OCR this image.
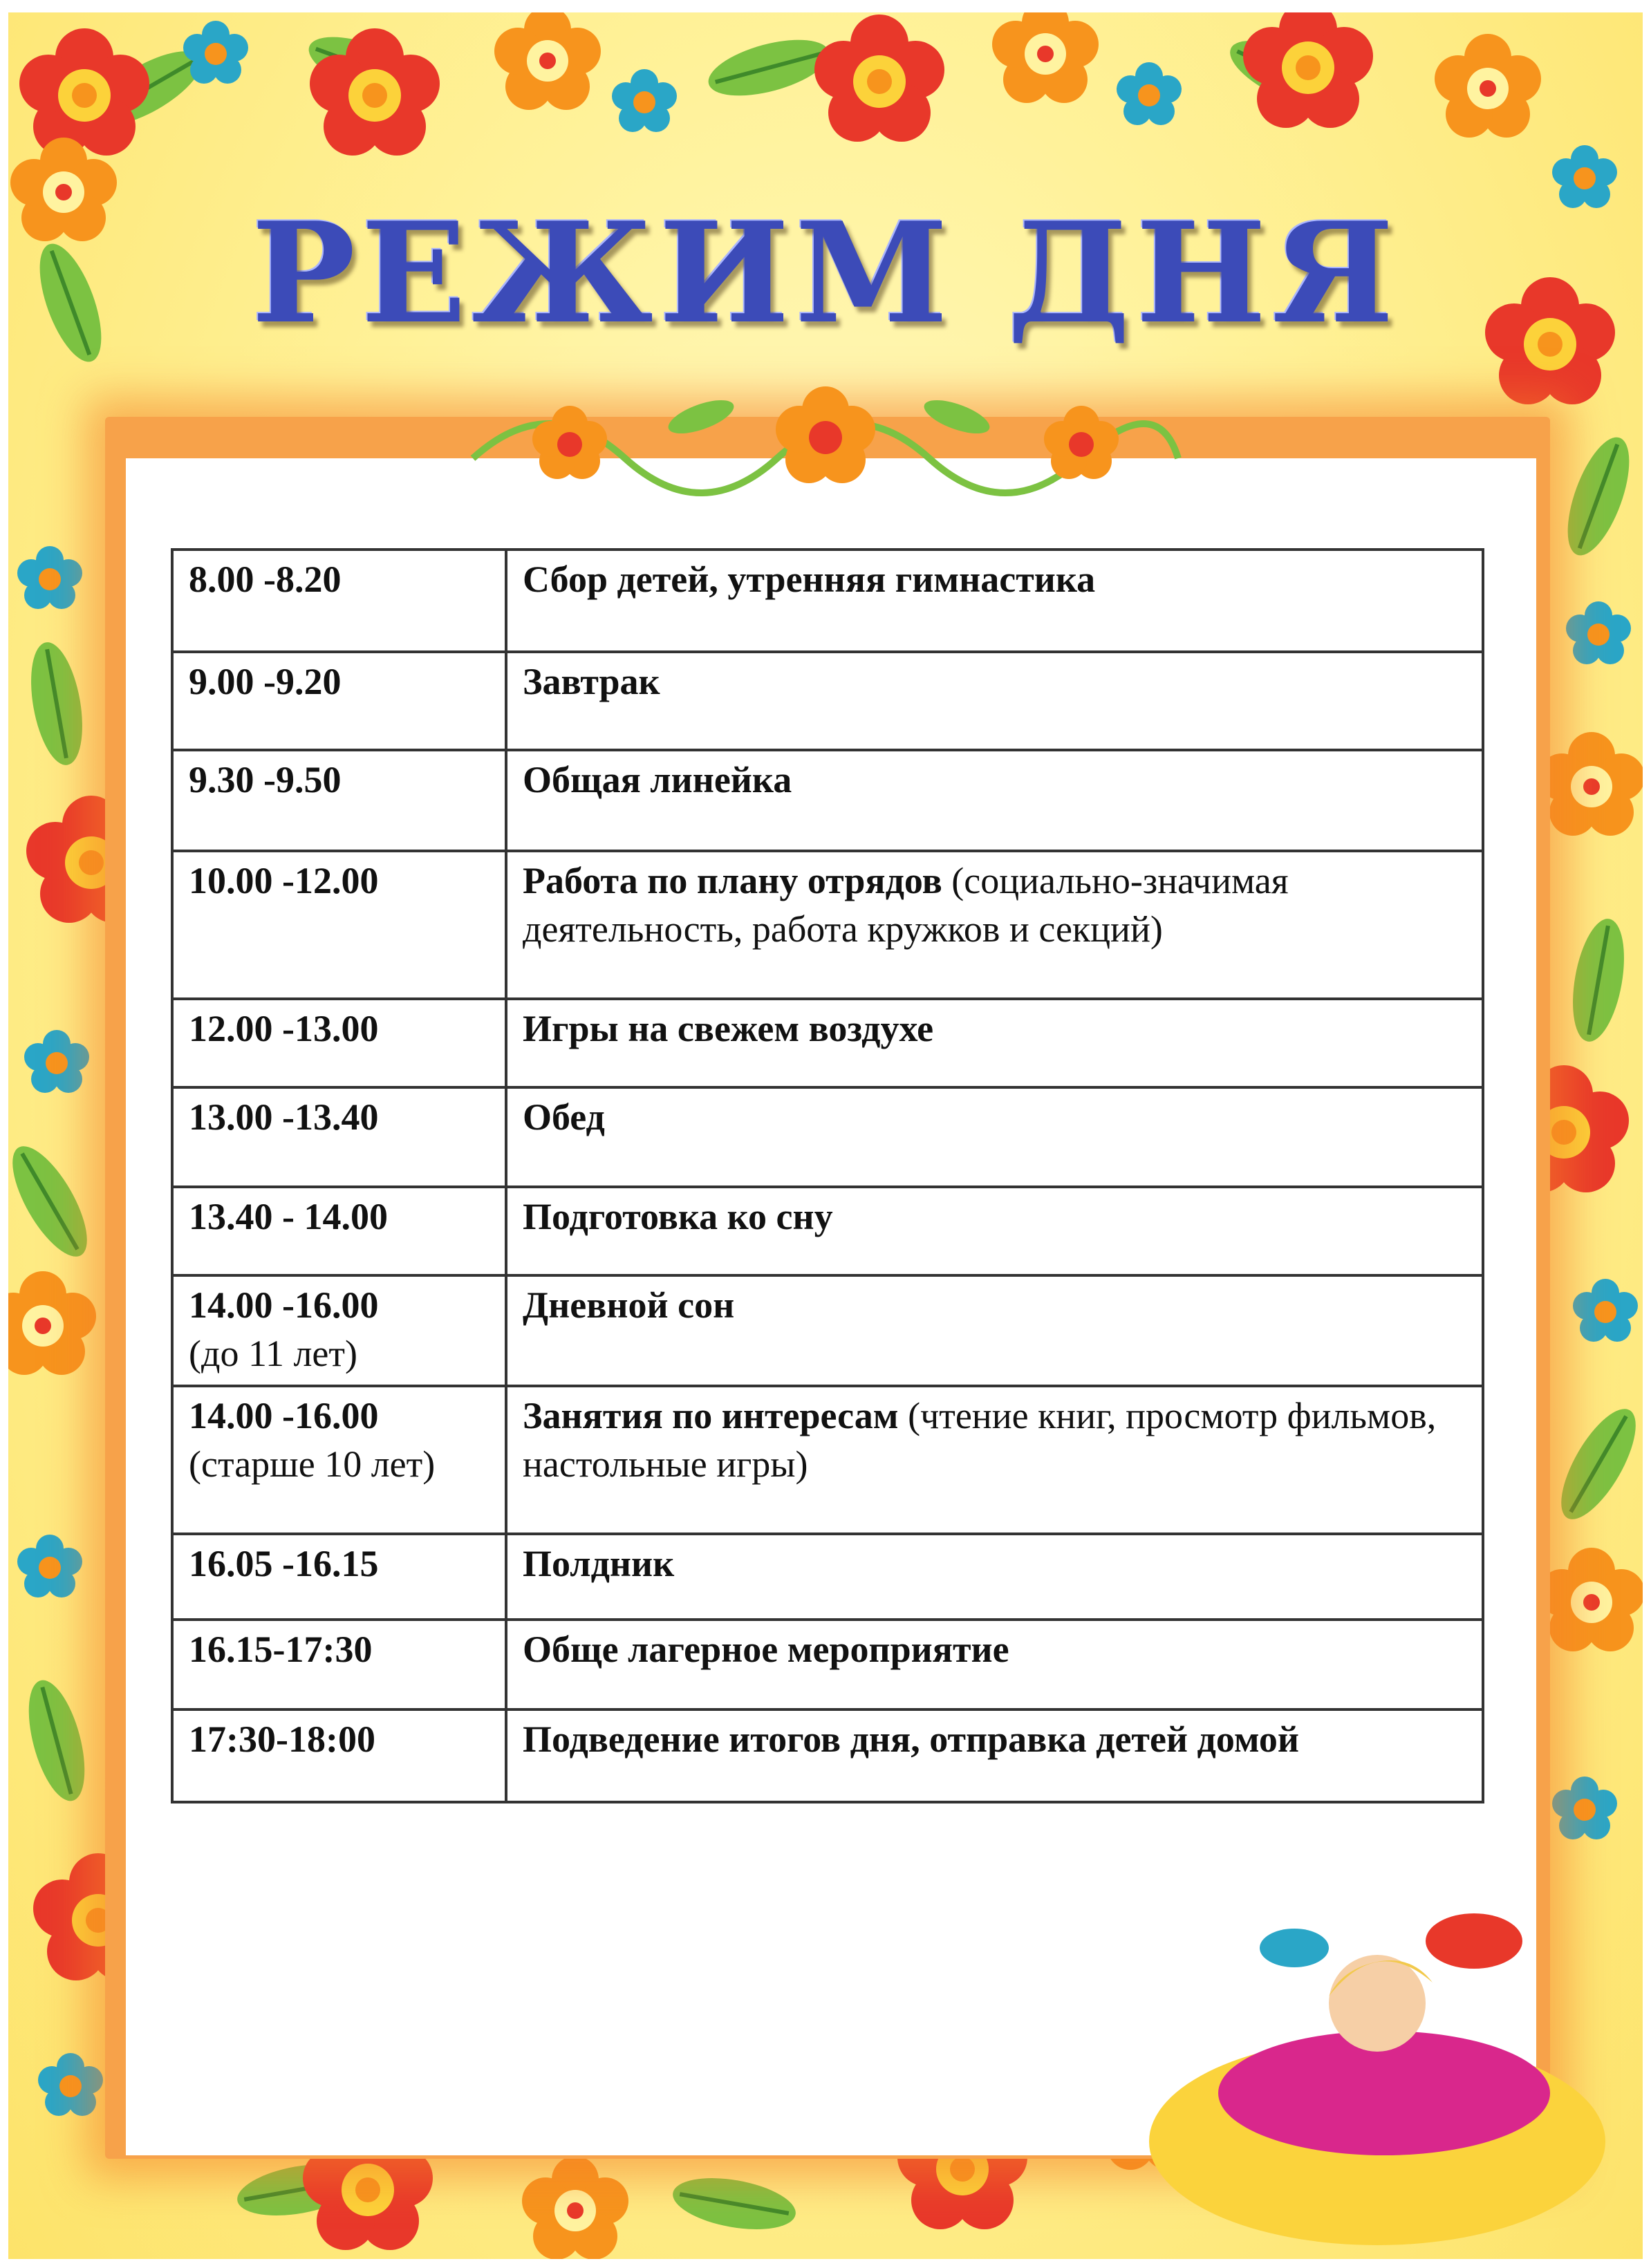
РЕЖИМ ДНЯ
8.00 -8.20	Сбор детей, утренняя гимнастика
9.00 -9.20	Завтрак
9.30 -9.50	Общая линейка
10.00 -12.00	Работа по плану отрядов (социально-значимая деятельность, работа кружков и секций)
12.00 -13.00	Игры на свежем воздухе
13.00 -13.40	Обед
13.40 - 14.00	Подготовка ко сну
14.00 -16.00
(до 11 лет)	Дневной сон
14.00 -16.00
(старше 10 лет)	Занятия по интересам (чтение книг, просмотр фильмов, настольные игры)
16.05 -16.15	Полдник
16.15-17:30	Обще лагерное мероприятие
17:30-18:00	Подведение итогов дня, отправка детей домой
